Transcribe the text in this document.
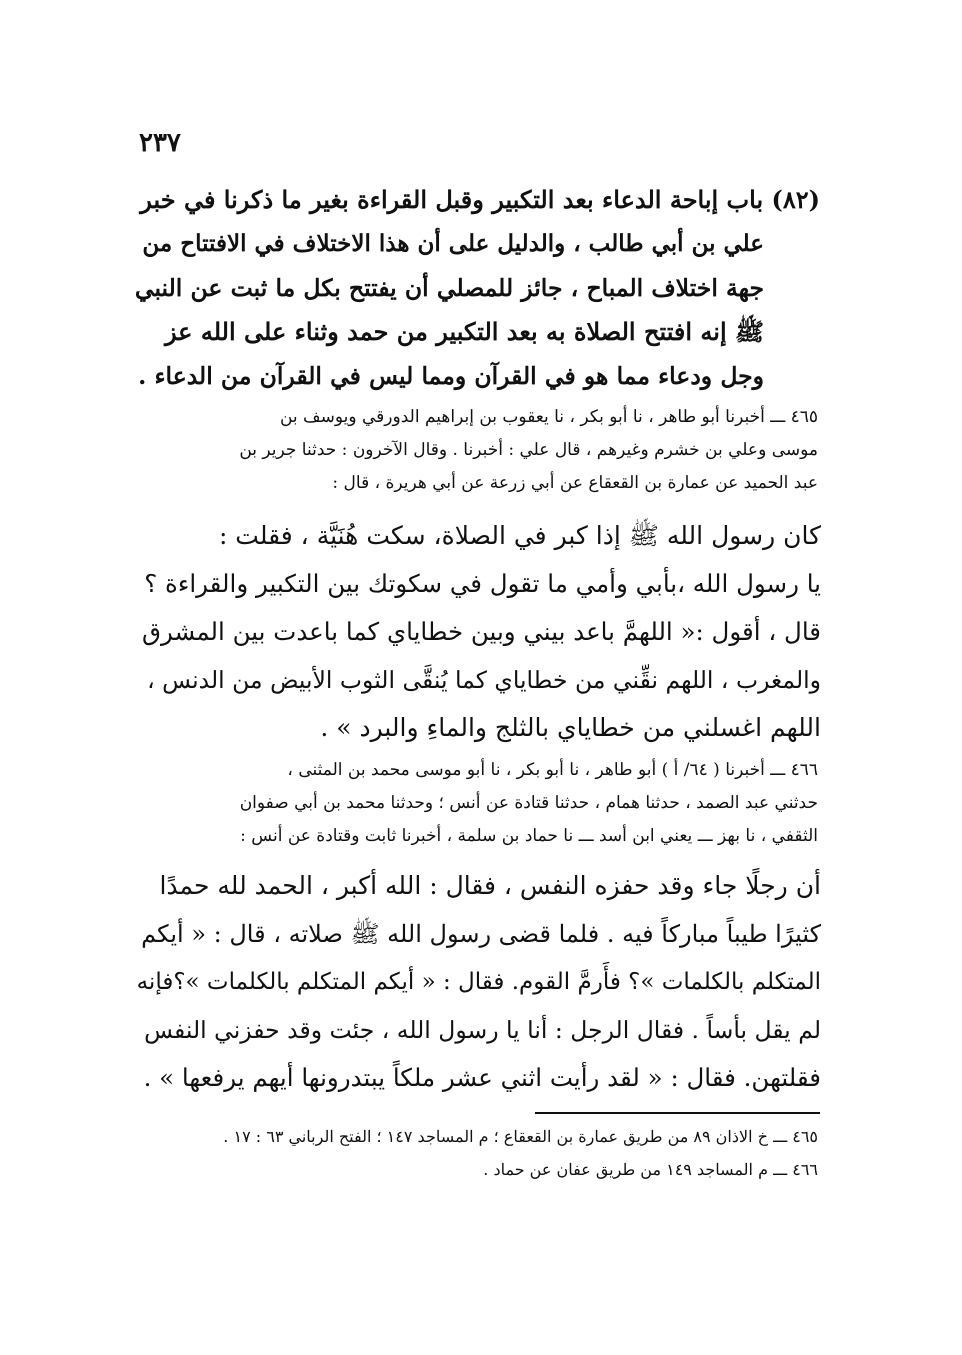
٢٣٧
(٨٢) باب إباحة الدعاء بعد التكبير وقبل القراءة بغير ما ذكرنا في خبر
علي بن أبي طالب ، والدليل على أن هذا الاختلاف في الافتتاح من
جهة اختلاف المباح ، جائز للمصلي أن يفتتح بكل ما ثبت عن النبي
ﷺ إنه افتتح الصلاة به بعد التكبير من حمد وثناء على الله عز
وجل ودعاء مما هو في القرآن ومما ليس في القرآن من الدعاء .
٤٦٥ ـــ أخبرنا أبو طاهر ، نا أبو بكر ، نا يعقوب بن إبراهيم الدورقي ويوسف بن
موسى وعلي بن خشرم وغيرهم ، قال علي : أخبرنا . وقال الآخرون : حدثنا جرير بن
عبد الحميد عن عمارة بن القعقاع عن أبي زرعة عن أبي هريرة ، قال :
كان رسول الله ﷺ إذا كبر في الصلاة، سكت هُنَيَّة ، فقلت :
يا رسول الله ،بأبي وأمي ما تقول في سكوتك بين التكبير والقراءة ؟
قال ، أقول :« اللهمَّ باعد بيني وبين خطاياي كما باعدت بين المشرق
والمغرب ، اللهم نقِّني من خطاياي كما يُنقَّى الثوب الأبيض من الدنس ،
اللهم اغسلني من خطاياي بالثلج والماءِ والبرد » .
٤٦٦ ـــ أخبرنا ( ٦٤/ أ ) أبو طاهر ، نا أبو بكر ، نا أبو موسى محمد بن المثنى ،
حدثني عبد الصمد ، حدثنا همام ، حدثنا قتادة عن أنس ؛ وحدثنا محمد بن أبي صفوان
الثقفي ، نا بهز ـــ يعني ابن أسد ـــ نا حماد بن سلمة ، أخبرنا ثابت وقتادة عن أنس :
أن رجلًا جاء وقد حفزه النفس ، فقال : الله أكبر ، الحمد لله حمدًا
كثيرًا طيباً مباركاً فيه . فلما قضى رسول الله ﷺ صلاته ، قال : « أيكم
المتكلم بالكلمات »؟ فأَرمَّ القوم. فقال : « أيكم المتكلم بالكلمات »؟فإنه
لم يقل بأساً . فقال الرجل : أنا يا رسول الله ، جئت وقد حفزني النفس
فقلتهن. فقال : « لقد رأيت اثني عشر ملكاً يبتدرونها أيهم يرفعها » .
٤٦٥ ـــ خ الاذان ٨٩ من طريق عمارة بن القعقاع ؛ م المساجد ١٤٧ ؛ الفتح الرباني ٦٣ : ١٧ .
٤٦٦ ـــ م المساجد ١٤٩ من طريق عفان عن حماد .
